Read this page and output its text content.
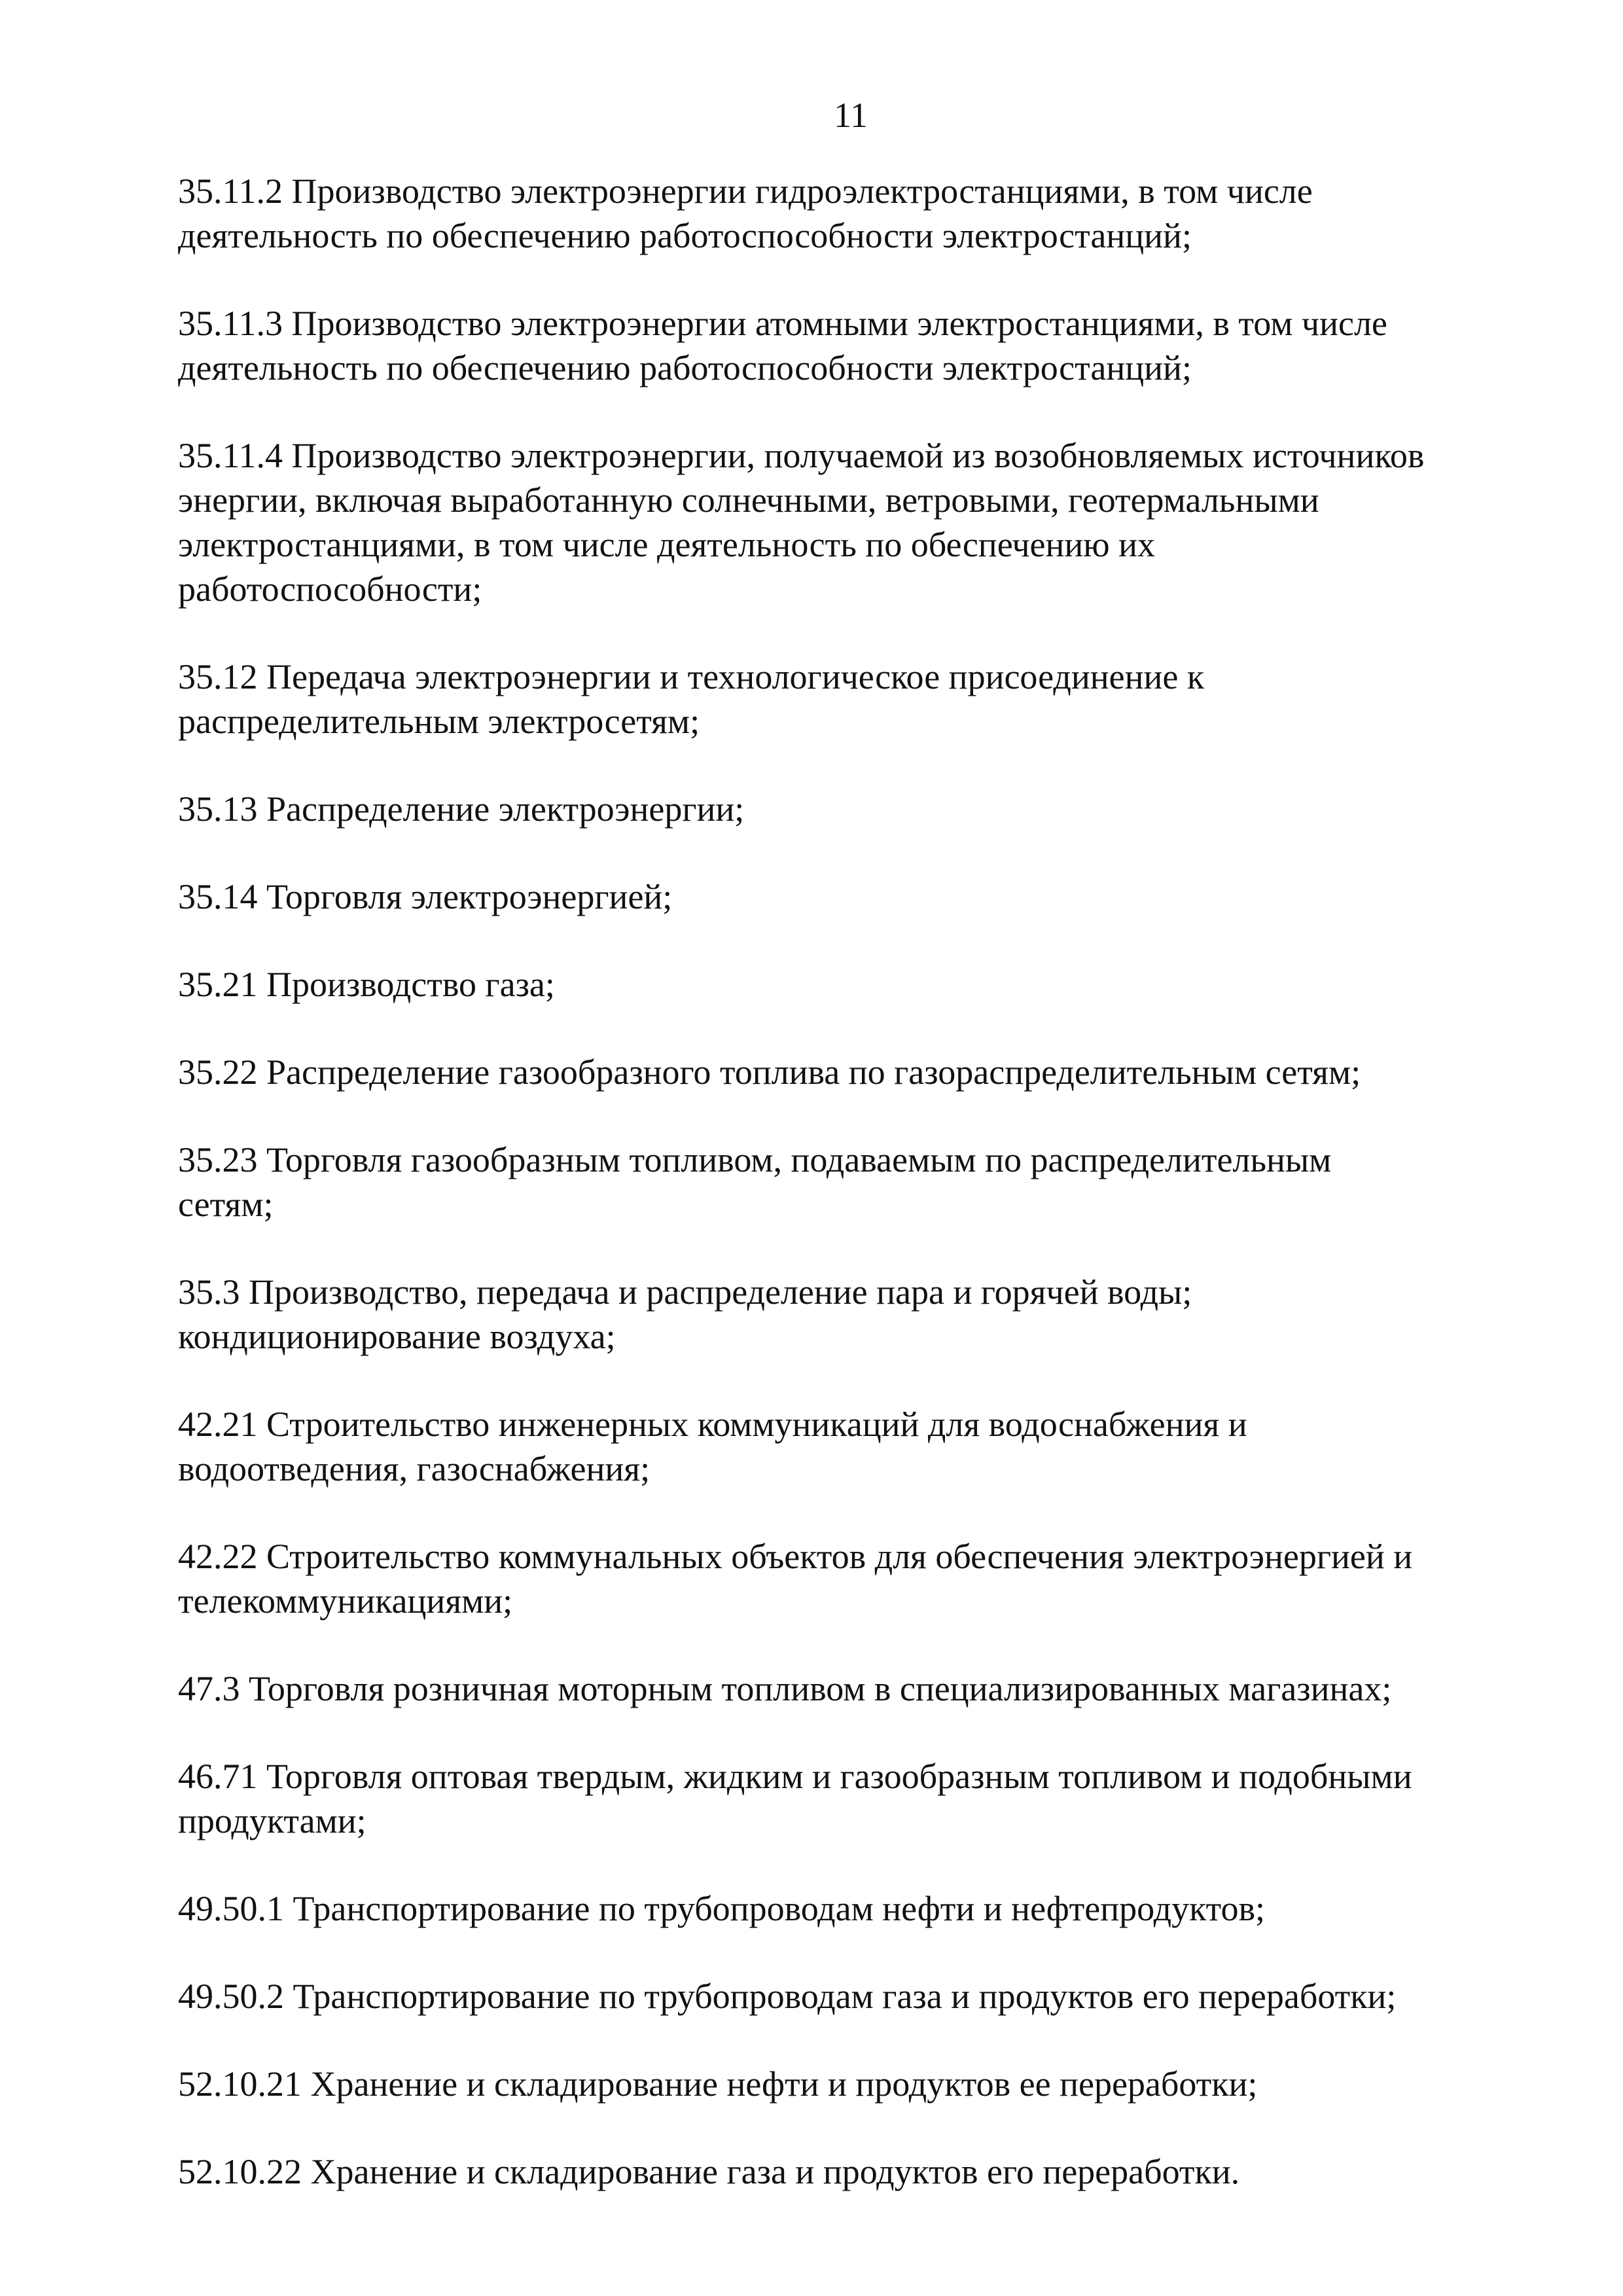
11

35.11.2 Производство электроэнергии гидроэлектростанциями, в том числе
деятельность по обеспечению работоспособности электростанций;

35.11.3 Производство электроэнергии атомными электростанциями, в том числе
деятельность по обеспечению работоспособности электростанций;

35.11.4 Производство электроэнергии, получаемой из возобновляемых источников
энергии, включая выработанную солнечными, ветровыми, геотермальными
электростанциями, в том числе деятельность по обеспечению их
работоспособности;

35.12 Передача электроэнергии и технологическое присоединение к
распределительным электросетям;

35.13 Распределение электроэнергии;

35.14 Торговля электроэнергией;

35.21 Производство газа;

35.22 Распределение газообразного топлива по газораспределительным сетям;

35.23 Торговля газообразным топливом, подаваемым по распределительным
сетям;

35.3 Производство, передача и распределение пара и горячей воды;
кондиционирование воздуха;

42.21 Строительство инженерных коммуникаций для водоснабжения и
водоотведения, газоснабжения;

42.22 Строительство коммунальных объектов для обеспечения электроэнергией и
телекоммуникациями;

47.3 Торговля розничная моторным топливом в специализированных магазинах;

46.71 Торговля оптовая твердым, жидким и газообразным топливом и подобными
продуктами;

49.50.1 Транспортирование по трубопроводам нефти и нефтепродуктов;

49.50.2 Транспортирование по трубопроводам газа и продуктов его переработки;

52.10.21 Хранение и складирование нефти и продуктов ее переработки;

52.10.22 Хранение и складирование газа и продуктов его переработки.
